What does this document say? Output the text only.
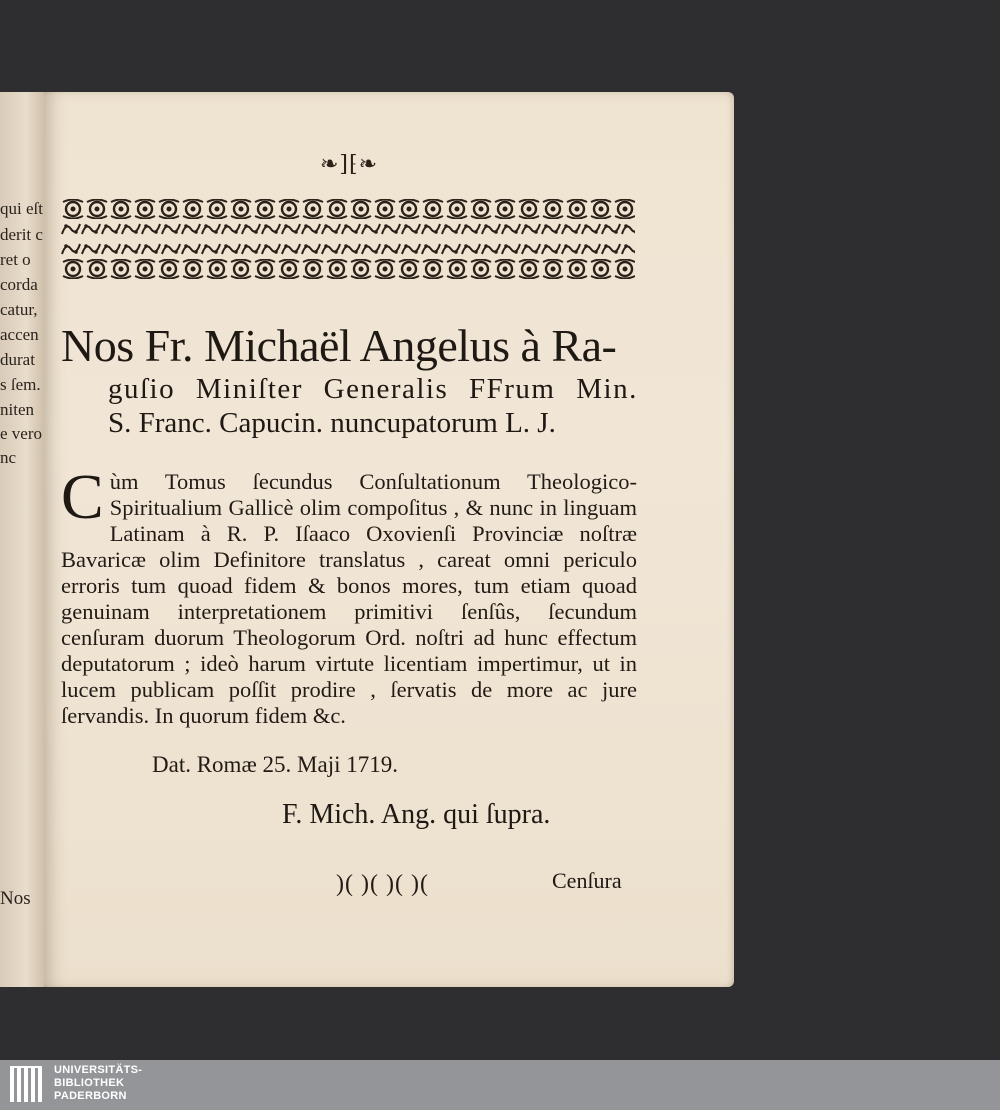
qui eſt
derit c
ret o
corda
catur,
accen
durat
s ſem.
niten
e vero
nc
Nos
❧]⁅❧
Nos Fr. Michaël Angelus à Ra-
guſio Miniſter Generalis FFrum Min.
S. Franc. Capucin. nuncupatorum L. J.
Cùm Tomus ſecundus Conſultationum Theologico-Spiritualium Gallicè olim compoſitus , & nunc in linguam Latinam à R. P. Iſaaco Oxovienſi Provinciæ noſtræ Bavaricæ olim Definitore translatus , careat omni periculo erroris tum quoad fidem & bonos mores, tum etiam quoad genuinam interpretationem primitivi ſenſûs, ſecundum cenſuram duorum Theologorum Ord. noſtri ad hunc effectum deputatorum ; ideò harum virtute licentiam impertimur, ut in lucem publicam poſſit prodire , ſervatis de more ac jure ſervandis. In quorum fidem &c.
Dat. Romæ 25. Maji 1719.
F. Mich. Ang. qui ſupra.
)( )( )( )(	Cenſura
UNIVERSITÄTS-
BIBLIOTHEK
PADERBORN
